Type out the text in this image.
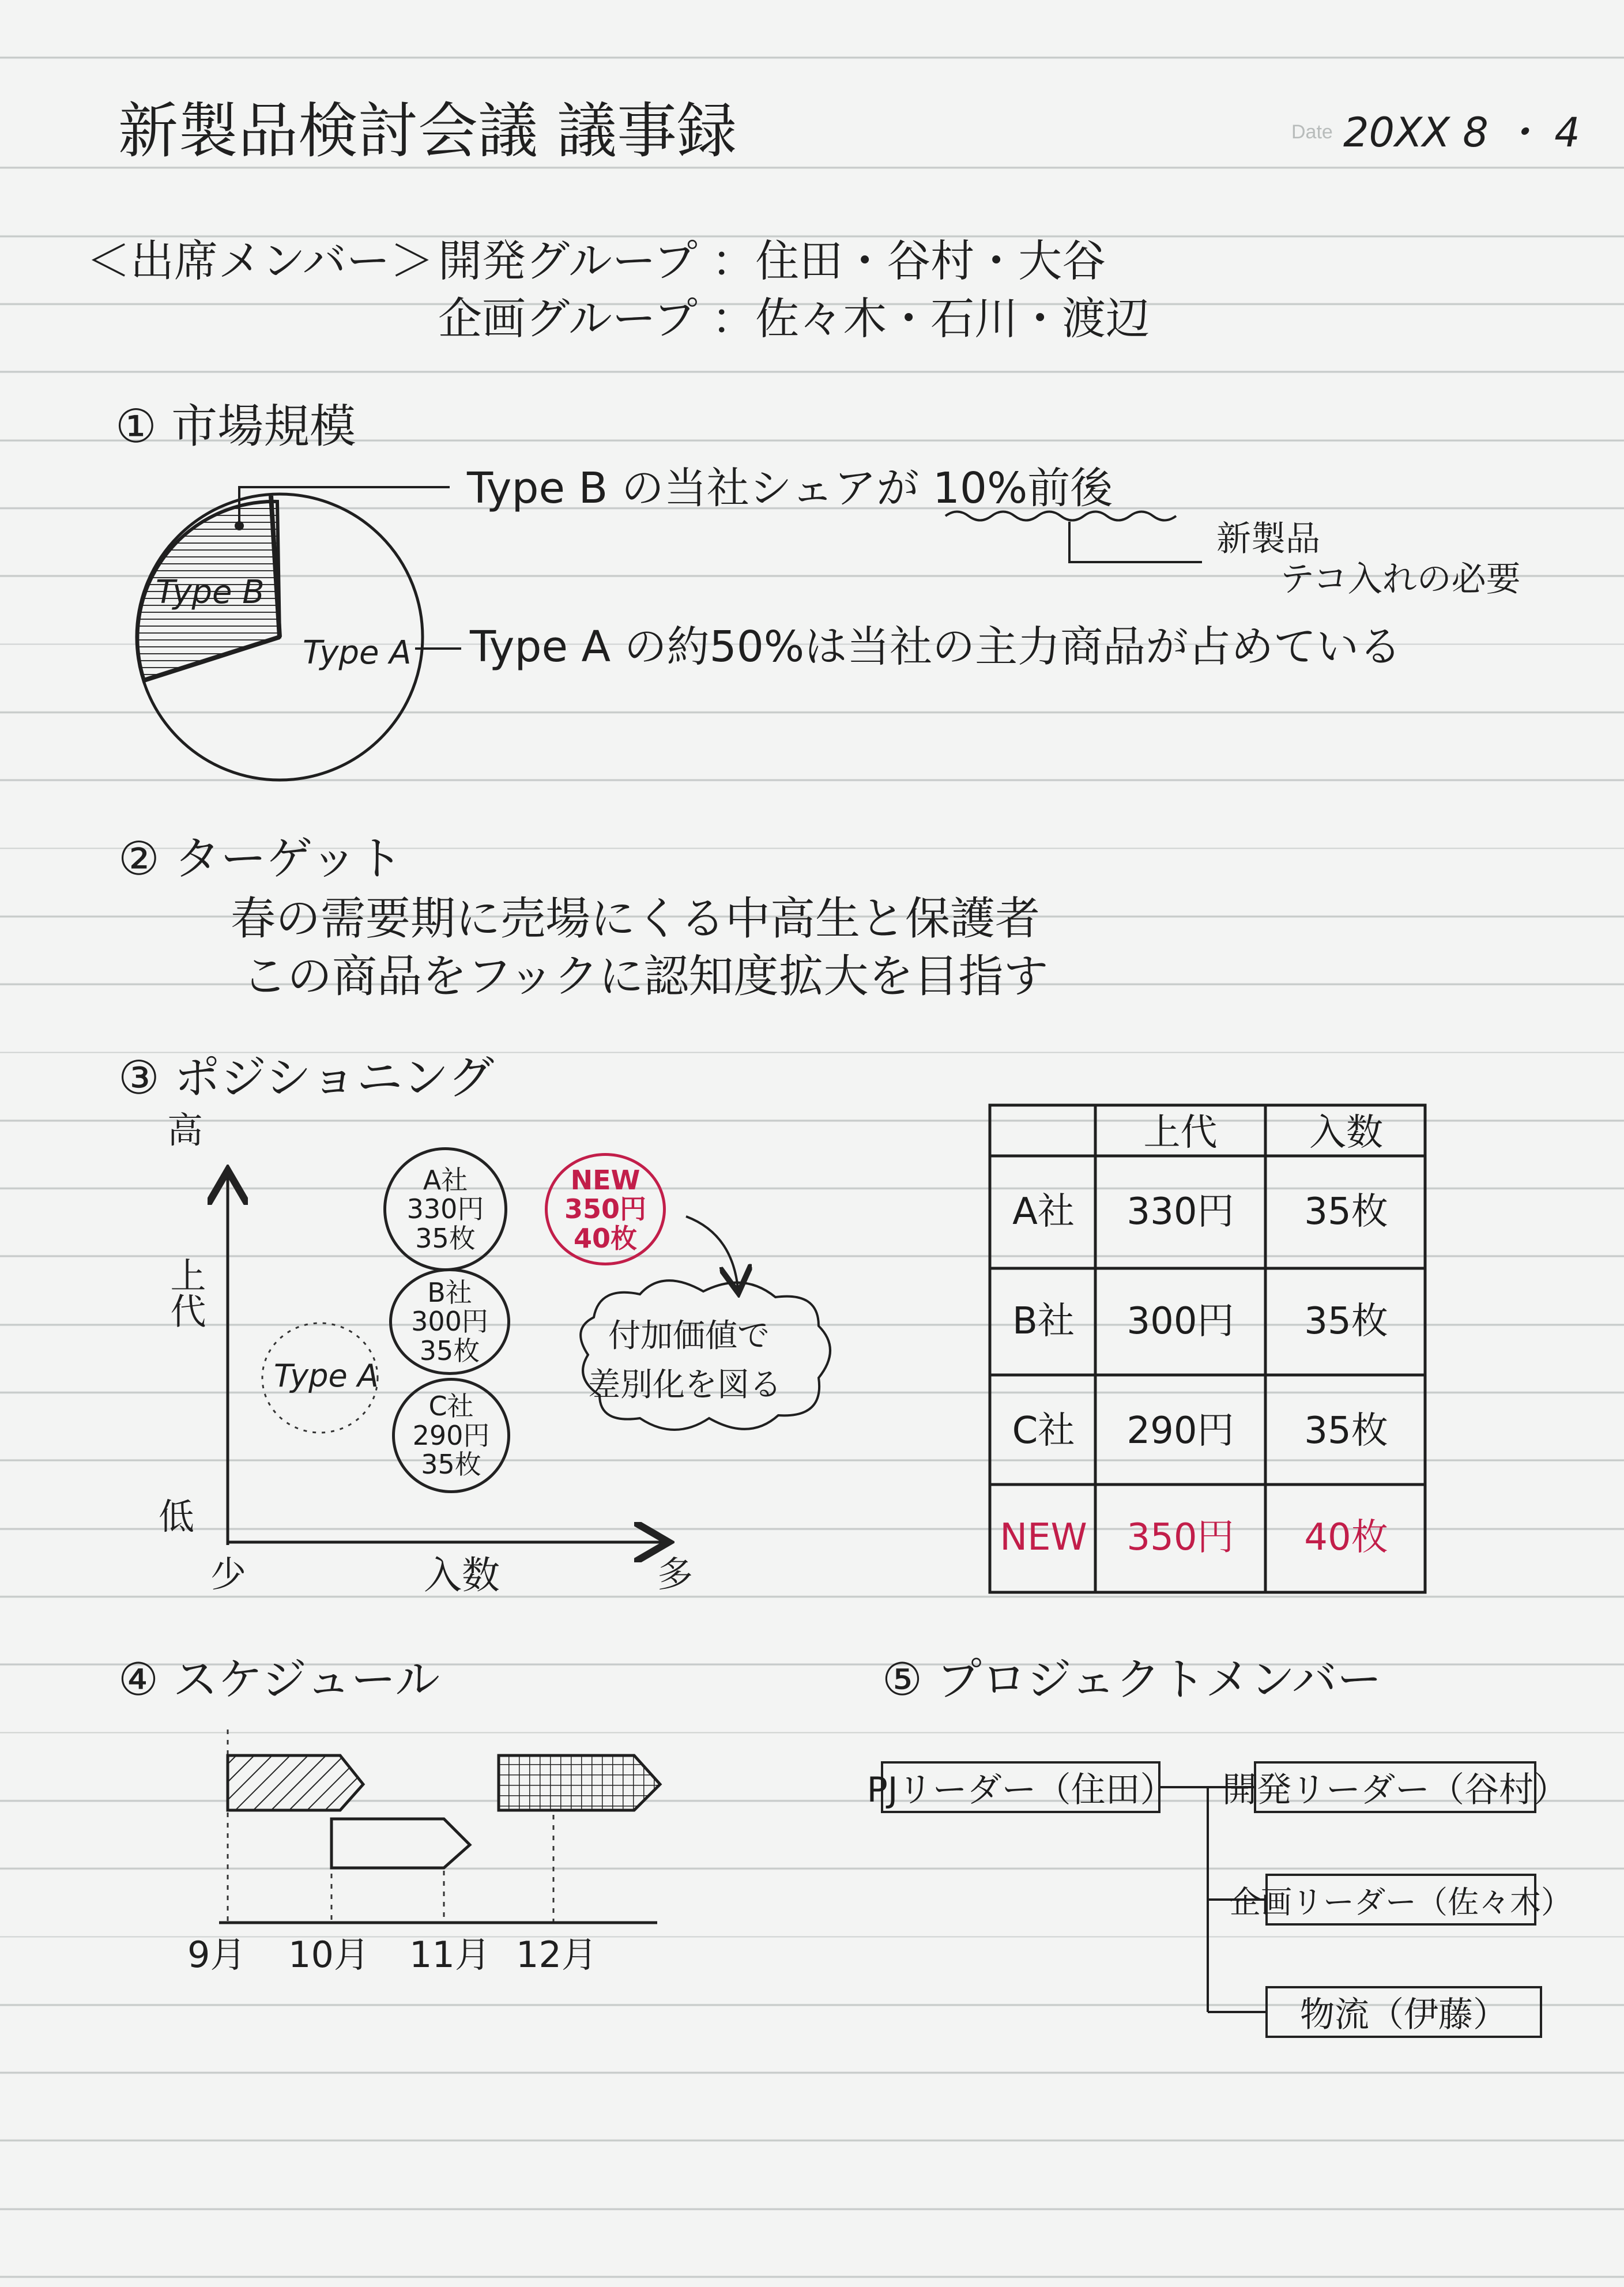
新製品検討会議 議事録	Date 20XX 8 ・ 4
＜出席メンバー＞ 開発グループ ：住田・谷村・大谷
企画グループ ：佐々木・石川・渡辺
① 市場規模
Type B
Type A
Type B の当社シェアが 10%前後
新製品
テコ入れの必要
Type A の約50%は当社の主力商品が占めている
② ターゲット
春の需要期に売場にくる中高生と保護者
この商品をフックに認知度拡大を目指す
③ ポジショニング
高
上代
低
少	入数	多
Type A
A社
330円
35枚
B社
300円
35枚
C社
290円
35枚
NEW
350円
40枚
付加価値で
差別化を図る
上代	入数
A社	330円	35枚
B社	300円	35枚
C社	290円	35枚
NEW	350円	40枚
④ スケジュール
9月 10月 11月 12月
⑤ プロジェクトメンバー
PJリーダー（住田） 開発リーダー（谷村）
企画リーダー（佐々木）
物流（伊藤）
